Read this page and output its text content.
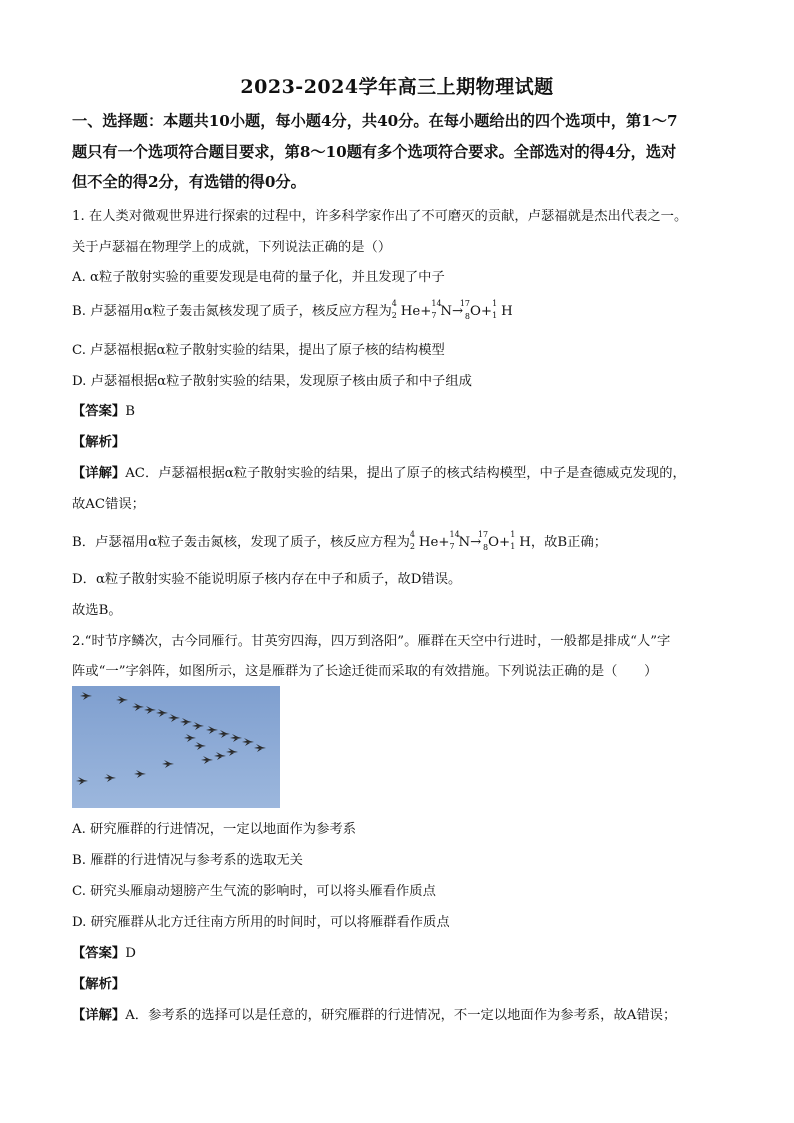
2023-2024学年高三上期物理试题
一、选择题：本题共10小题，每小题4分，共40分。在每小题给出的四个选项中，第1～7
题只有一个选项符合题目要求，第8～10题有多个选项符合要求。全部选对的得4分，选对
但不全的得2分，有选错的得0分。
1. 在人类对微观世界进行探索的过程中，许多科学家作出了不可磨灭的贡献，卢瑟福就是杰出代表之一。
关于卢瑟福在物理学上的成就，下列说法正确的是（）
A. α粒子散射实验的重要发现是电荷的量子化，并且发现了中子
B. 卢瑟福用α粒子轰击氮核发现了质子，核反应方程为
4
2 He+
14
7 N→ 8
17
O+
1
1 H
C. 卢瑟福根据α粒子散射实验的结果，提出了原子核的结构模型
D. 卢瑟福根据α粒子散射实验的结果，发现原子核由质子和中子组成
【答案】B
【解析】
【详解】AC．卢瑟福根据α粒子散射实验的结果，提出了原子的核式结构模型，中子是查德威克发现的，
故AC错误；
B．卢瑟福用α粒子轰击氮核，发现了质子，核反应方程为
4
2 He+
14
7 N→ 8
17
O+
1
1 H，故B正确；
D．α粒子散射实验不能说明原子核内存在中子和质子，故D错误。
故选B。
2.“时节序鳞次，古今同雁行。甘英穷四海，四万到洛阳”。雁群在天空中行进时，一般都是排成“人”字
阵或“一”字斜阵，如图所示，这是雁群为了长途迁徙而采取的有效措施。下列说法正确的是（　　）
A. 研究雁群的行进情况，一定以地面作为参考系
B. 雁群的行进情况与参考系的选取无关
C. 研究头雁扇动翅膀产生气流的影响时，可以将头雁看作质点
D. 研究雁群从北方迁往南方所用的时间时，可以将雁群看作质点
【答案】D
【解析】
【详解】A．参考系的选择可以是任意的，研究雁群的行进情况，不一定以地面作为参考系，故A错误；
